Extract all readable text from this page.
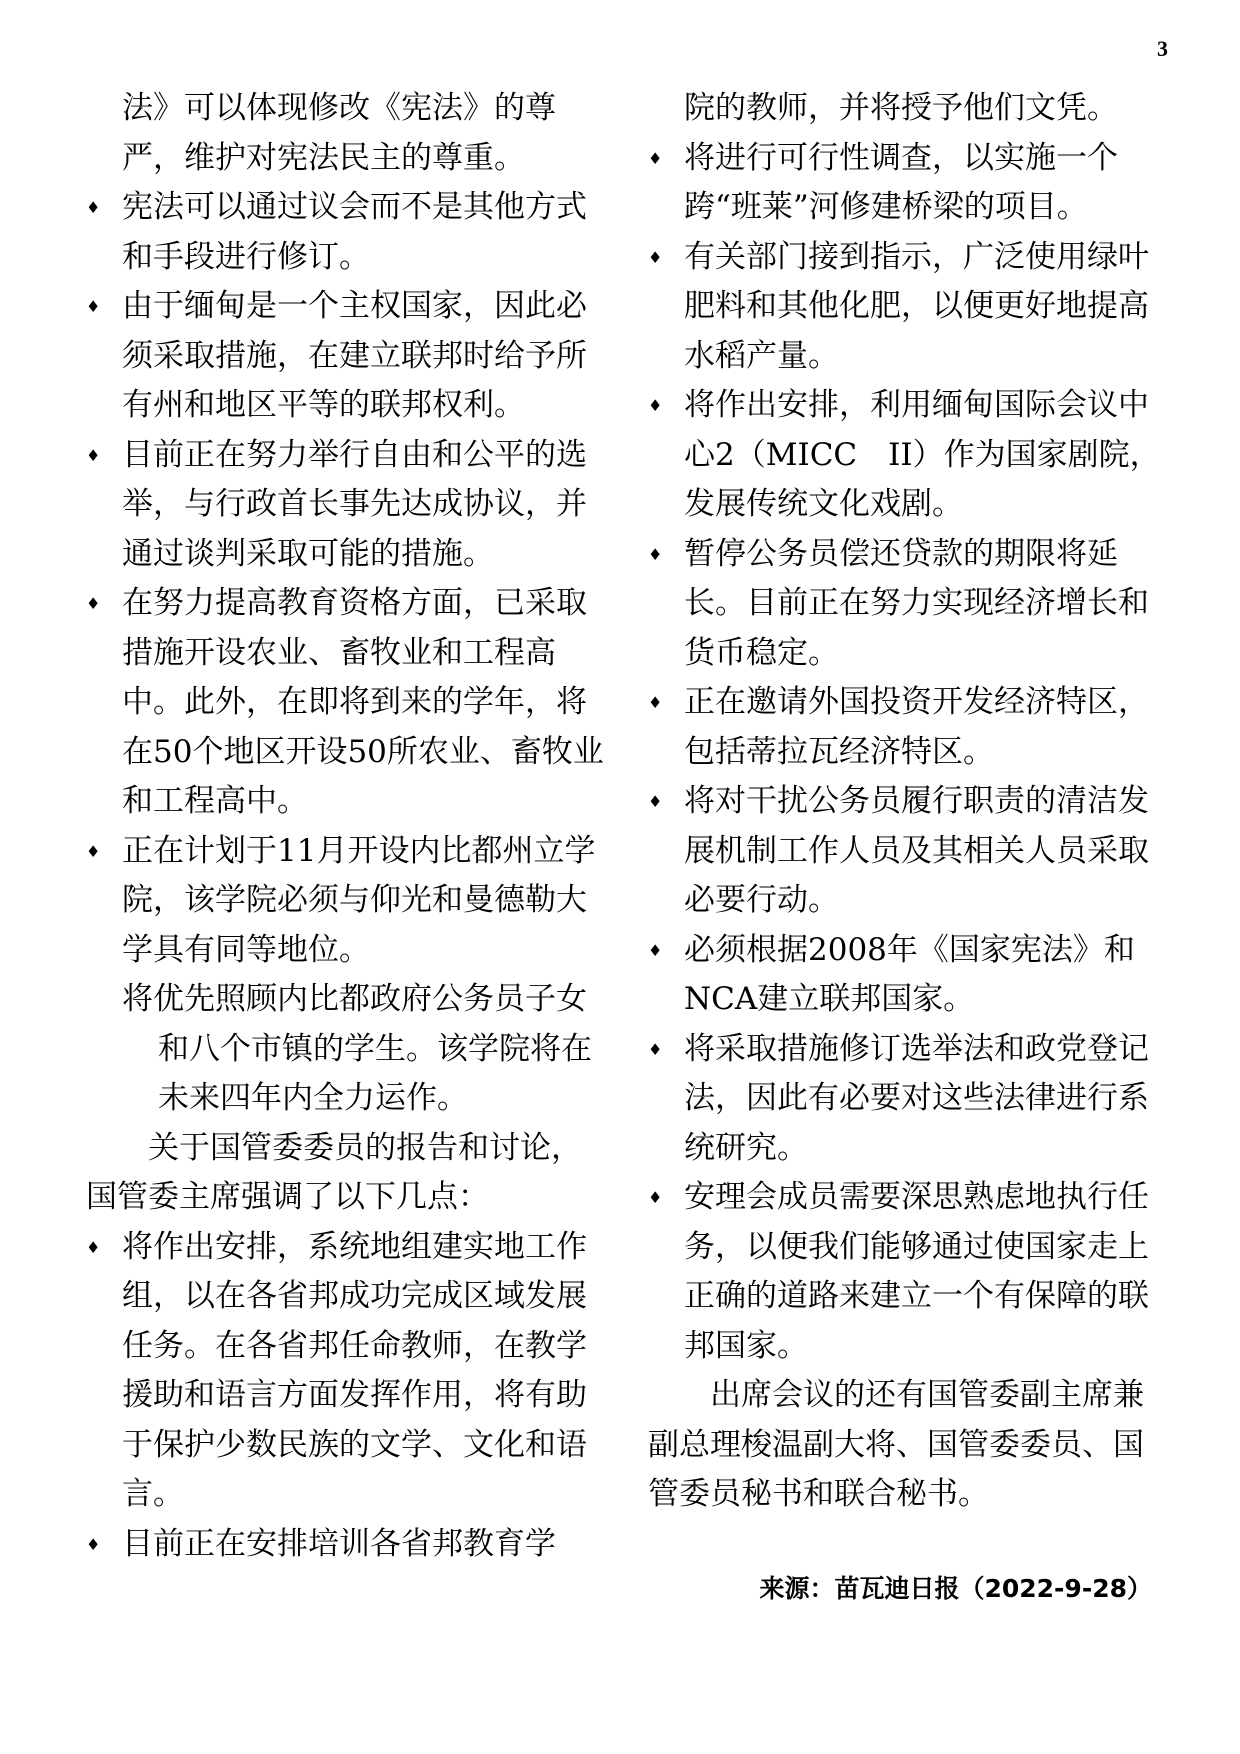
3
法》可以体现修改《宪法》的尊严，维护对宪法民主的尊重。
♦ 宪法可以通过议会而不是其他方式和手段进行修订。
♦ 由于缅甸是一个主权国家，因此必须采取措施，在建立联邦时给予所有州和地区平等的联邦权利。
♦ 目前正在努力举行自由和公平的选举，与行政首长事先达成协议，并通过谈判采取可能的措施。
♦ 在努力提高教育资格方面，已采取措施开设农业、畜牧业和工程高中。此外，在即将到来的学年，将在50个地区开设50所农业、畜牧业和工程高中。
♦ 正在计划于11月开设内比都州立学院，该学院必须与仰光和曼德勒大学具有同等地位。
将优先照顾内比都政府公务员子女和八个市镇的学生。该学院将在未来四年内全力运作。
关于国管委委员的报告和讨论，国管委主席强调了以下几点：
♦ 将作出安排，系统地组建实地工作组，以在各省邦成功完成区域发展任务。在各省邦任命教师，在教学援助和语言方面发挥作用，将有助于保护少数民族的文学、文化和语言。
♦ 目前正在安排培训各省邦教育学
院的教师，并将授予他们文凭。
♦ 将进行可行性调查，以实施一个跨“班莱”河修建桥梁的项目。
♦ 有关部门接到指示，广泛使用绿叶肥料和其他化肥，以便更好地提高水稻产量。
♦ 将作出安排，利用缅甸国际会议中心2（MICC　II）作为国家剧院，发展传统文化戏剧。
♦ 暂停公务员偿还贷款的期限将延长。目前正在努力实现经济增长和货币稳定。
♦ 正在邀请外国投资开发经济特区，包括蒂拉瓦经济特区。
♦ 将对干扰公务员履行职责的清洁发展机制工作人员及其相关人员采取必要行动。
♦ 必须根据2008年《国家宪法》和NCA建立联邦国家。
♦ 将采取措施修订选举法和政党登记法，因此有必要对这些法律进行系统研究。
♦ 安理会成员需要深思熟虑地执行任务，以便我们能够通过使国家走上正确的道路来建立一个有保障的联邦国家。
出席会议的还有国管委副主席兼副总理梭温副大将、国管委委员、国管委员秘书和联合秘书。
来源：苗瓦迪日报（2022-9-28）
